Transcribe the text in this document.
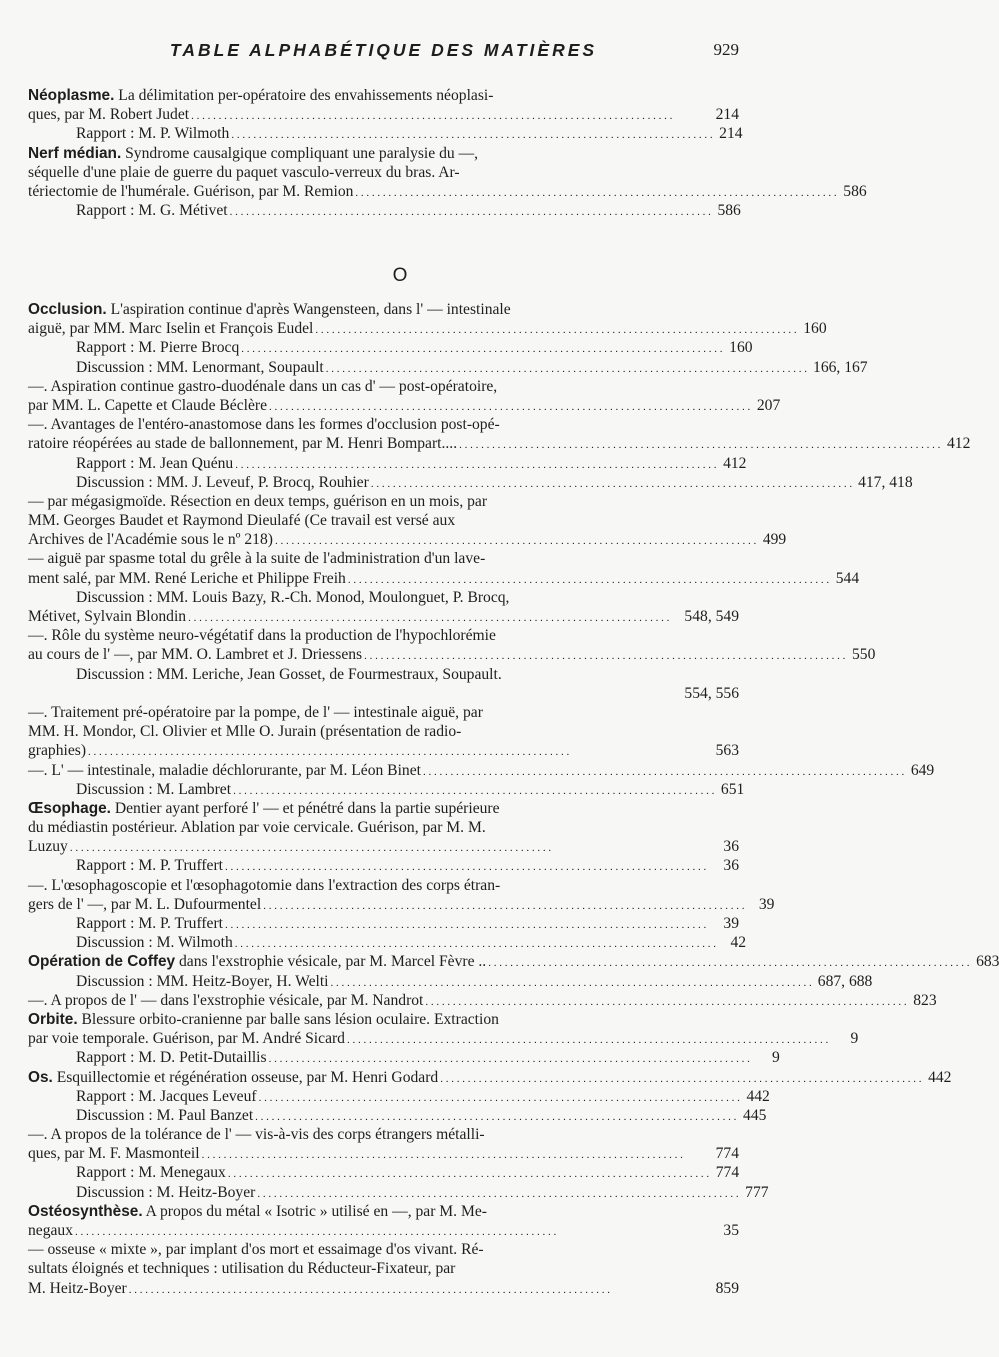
TABLE ALPHABÉTIQUE DES MATIÈRES	929
Néoplasme. La délimitation per-opératoire des envahissements néoplasi-
ques, par M. Robert Judet . . .	214
Rapport : M. P. Wilmoth . . .	214
Nerf médian. Syndrome causalgique compliquant une paralysie du —,
séquelle d'une plaie de guerre du paquet vasculo-verreux du bras. Ar-
tériectomie de l'humérale. Guérison, par M. Remion . . .	586
Rapport : M. G. Métivet . . .	586
O
Occlusion. L'aspiration continue d'après Wangensteen, dans l' — intestinale
aiguë, par MM. Marc Iselin et François Eudel . . .	160
Rapport : M. Pierre Brocq . . .	160
Discussion : MM. Lenormant, Soupault . . .	166, 167
—. Aspiration continue gastro-duodénale dans un cas d' — post-opératoire,
par MM. L. Capette et Claude Béclère . . .	207
—. Avantages de l'entéro-anastomose dans les formes d'occlusion post-opé-
ratoire réopérées au stade de ballonnement, par M. Henri Bompart.... . . .	412
Rapport : M. Jean Quénu . . .	412
Discussion : MM. J. Leveuf, P. Brocq, Rouhier . . .	417, 418
— par mégasigmoïde. Résection en deux temps, guérison en un mois, par
MM. Georges Baudet et Raymond Dieulafé (Ce travail est versé aux
Archives de l'Académie sous le nº 218) . . .	499
— aiguë par spasme total du grêle à la suite de l'administration d'un lave-
ment salé, par MM. René Leriche et Philippe Freih . . .	544
Discussion : MM. Louis Bazy, R.-Ch. Monod, Moulonguet, P. Brocq,
Métivet, Sylvain Blondin . . .	548, 549
—. Rôle du système neuro-végétatif dans la production de l'hypochlorémie
au cours de l' —, par MM. O. Lambret et J. Driessens . . .	550
Discussion : MM. Leriche, Jean Gosset, de Fourmestraux, Soupault.
554, 556
—. Traitement pré-opératoire par la pompe, de l' — intestinale aiguë, par
MM. H. Mondor, Cl. Olivier et Mlle O. Jurain (présentation de radio-
graphies) . . .	563
—. L' — intestinale, maladie déchlorurante, par M. Léon Binet . . .	649
Discussion : M. Lambret . . .	651
Œsophage. Dentier ayant perforé l' — et pénétré dans la partie supérieure
du médiastin postérieur. Ablation par voie cervicale. Guérison, par M. M.
Luzuy . . .	36
Rapport : M. P. Truffert . . .	36
—. L'œsophagoscopie et l'œsophagotomie dans l'extraction des corps étran-
gers de l' —, par M. L. Dufourmentel . . .	39
Rapport : M. P. Truffert . . .	39
Discussion : M. Wilmoth . . .	42
Opération de Coffey dans l'exstrophie vésicale, par M. Marcel Fèvre .. . . .	683
Discussion : MM. Heitz-Boyer, H. Welti . . .	687, 688
—. A propos de l' — dans l'exstrophie vésicale, par M. Nandrot . . .	823
Orbite. Blessure orbito-cranienne par balle sans lésion oculaire. Extraction
par voie temporale. Guérison, par M. André Sicard . . .	9
Rapport : M. D. Petit-Dutaillis . . .	9
Os. Esquillectomie et régénération osseuse, par M. Henri Godard . . .	442
Rapport : M. Jacques Leveuf . . .	442
Discussion : M. Paul Banzet . . .	445
—. A propos de la tolérance de l' — vis-à-vis des corps étrangers métalli-
ques, par M. F. Masmonteil . . .	774
Rapport : M. Menegaux . . .	774
Discussion : M. Heitz-Boyer . . .	777
Ostéosynthèse. A propos du métal « Isotric » utilisé en —, par M. Me-
negaux . . .	35
— osseuse « mixte », par implant d'os mort et essaimage d'os vivant. Ré-
sultats éloignés et techniques : utilisation du Réducteur-Fixateur, par
M. Heitz-Boyer . . .	859
